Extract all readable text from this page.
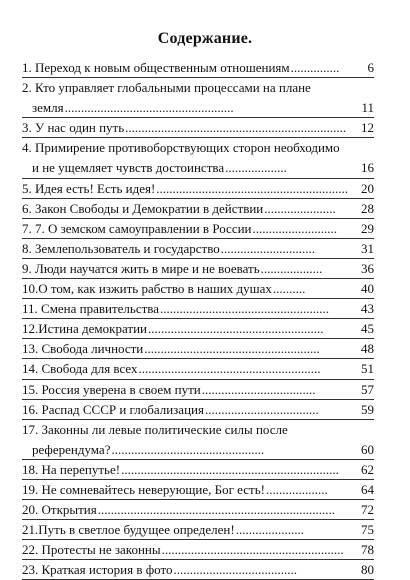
Содержание.
1. Переход к новым общественным отношениям ...............	6
2. Кто управляет глобальными процессами на плане
земля ....................................................	11
3. У нас один путь ....................................................................	12
4. Примирение противоборствующих сторон необходимо
и не ущемляет чувств достоинства ...................	16
5. Идея есть! Есть идея! ........................................................... 20
6. Закон Свободы и Демократии в действии ......................	28
7. 7. О земском самоуправлении в России ..........................	29
8. Землепользователь и государство .............................	31
9. Люди научатся жить в мире и не воевать ...................	36
10.О том, как изжить рабство в наших душах ..........	40
11. Смена правительства ....................................................	43
12.Истина демократии ......................................................	45
13. Свобода личности ......................................................	48
14. Свобода для всех ........................................................	51
15. Россия уверена в своем пути ...................................	57
16. Распад СССР и глобализация ...................................	59
17. Законны ли левые политические силы после
референдума? ...............................................	60
18. На перепутье! ...................................................................	62
19. Не сомневайтесь неверующие, Бог есть! ...................	64
20. Открытия .........................................................................	72
21.Путь в светлое будущее определен! .....................	75
22. Протесты не законны ........................................................	78
23. Краткая история в фото ......................................	80
